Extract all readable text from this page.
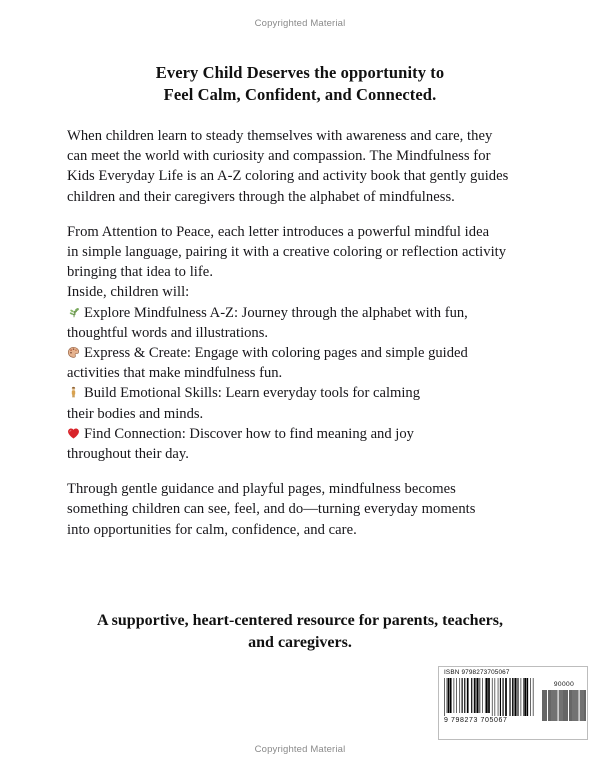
Copyrighted Material
Every Child Deserves the opportunity to
Feel Calm, Confident, and Connected.

When children learn to steady themselves with awareness and care, they
can meet the world with curiosity and compassion. The Mindfulness for
Kids Everyday Life is an A-Z coloring and activity book that gently guides
children and their caregivers through the alphabet of mindfulness.

From Attention to Peace, each letter introduces a powerful mindful idea
in simple language, pairing it with a creative coloring or reflection activity
bringing that idea to life.

Inside, children will:

Explore Mindfulness A-Z: Journey through the alphabet with fun,
thoughtful words and illustrations.
Express & Create: Engage with coloring pages and simple guided
activities that make mindfulness fun.
Build Emotional Skills: Learn everyday tools for calming
their bodies and minds.
Find Connection: Discover how to find meaning and joy
throughout their day.

Through gentle guidance and playful pages, mindfulness becomes
something children can see, feel, and do—turning everyday moments
into opportunities for calm, confidence, and care.

A supportive, heart-centered resource for parents, teachers,
and caregivers.
ISBN 9798273705067
9 798273 705067
90000
Copyrighted Material
